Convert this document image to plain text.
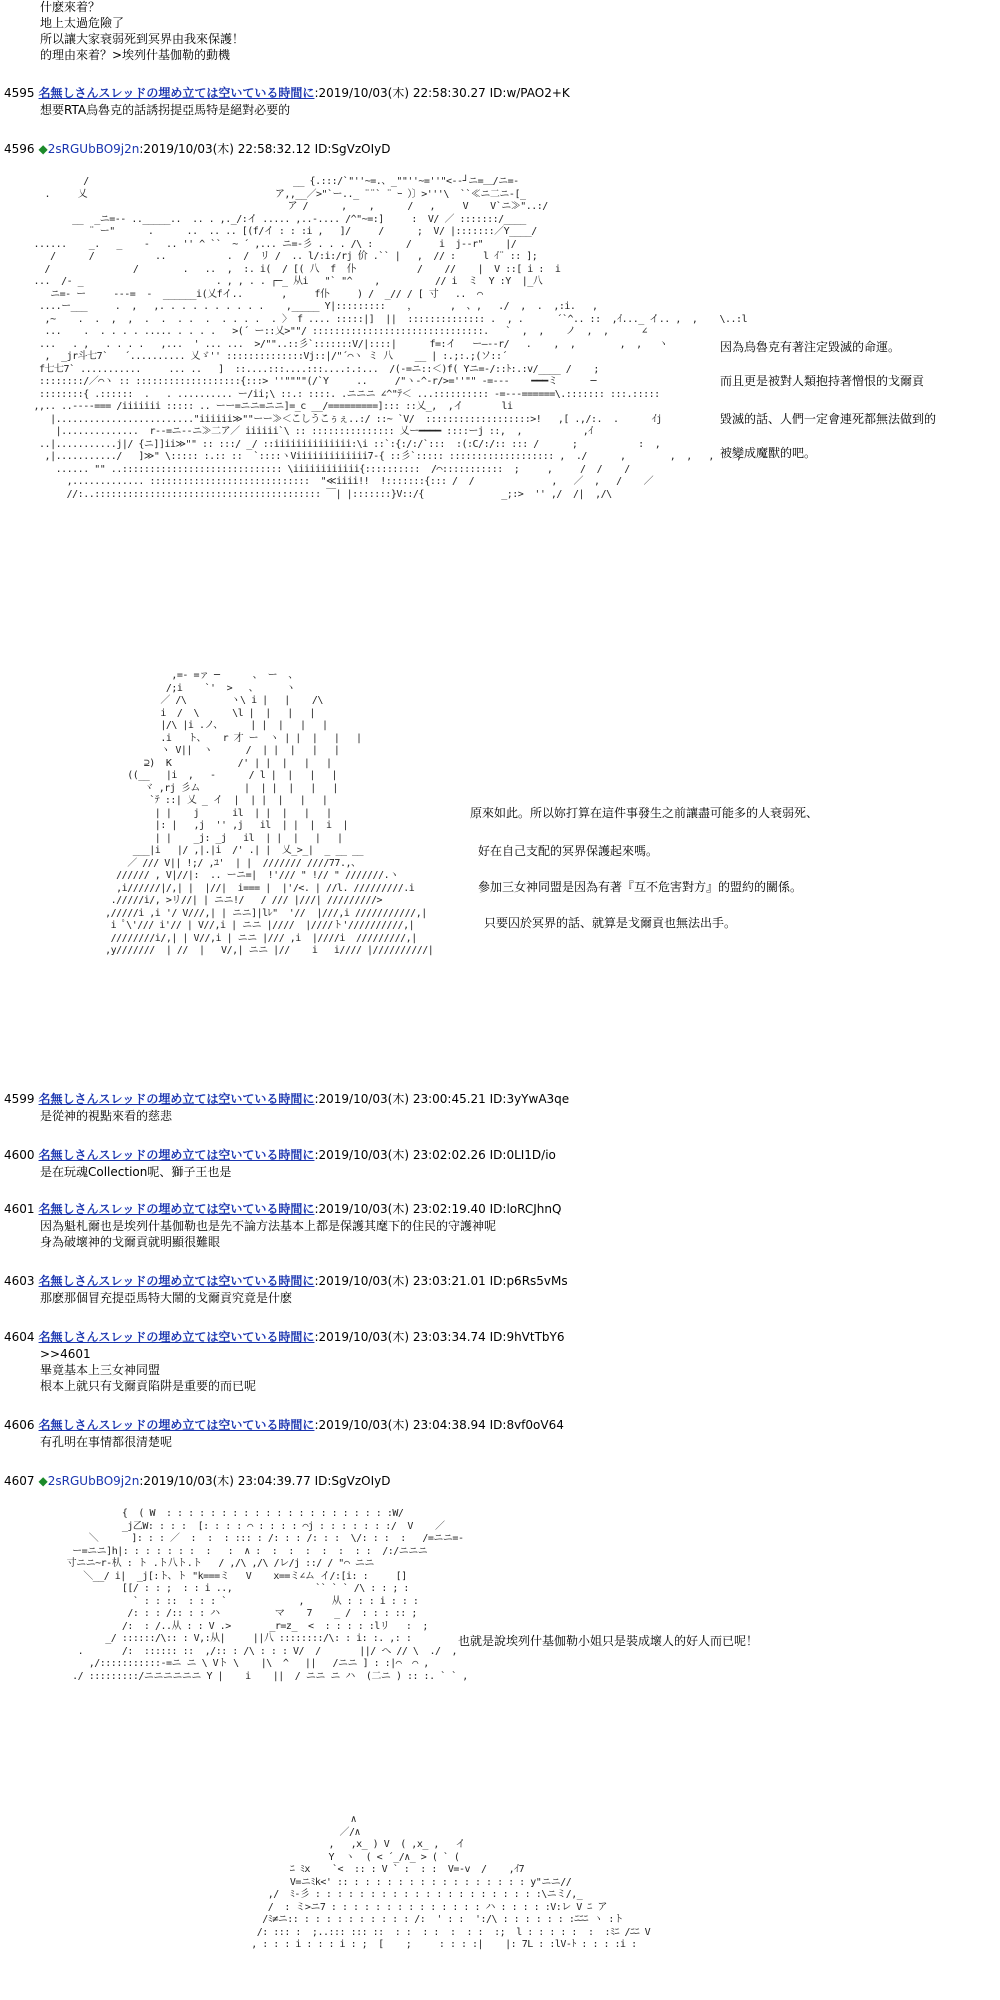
什麽來着？
地上太過危險了
所以讓大家衰弱死到冥界由我來保護！
的理由來着？>埃列什基伽勒的動機
4595 名無しさんスレッドの埋め立ては空いている時間に:2019/10/03(木) 22:58:30.27 ID:w/PAO2+K
想要RTA烏魯克的話誘拐提亞馬特是絕對必要的
4596 ◆2sRGUbBO9j2n:2019/10/03(木) 22:58:32.12 ID:SgVzOIyD
/                                     __ {.:::/`"''~=.、_""''~=''"<-‐┘ニ=＿/ニ=-
.     乂                                  ア,,__／>"`ー.._ ¨¨` ¨ ｰ ）〕>'''\  ``≪ニ二ニ-[_
ア /      ,    ,      /   ,     V    V`ニ≫"..:/
__  _ニ=-‐ .._____..  .. . ,._/:イ ..... ,..-.... /^"~=:]     :  V/ ／ :::::::/____
¨ ー"      .      ..  .. .. [(f/イ : : :i ,   ]/     /      ;  V/ |:::::::／Y____/
......    _.   _    -   .. '' ^ ``  ~ ´ ,... ニ=-彡 . . . /\ :      /     i  j--r"    |/
/      /           ..           .  /  リ /  .. l/:i:/rj 价 .`` |   ,  // :     l ｲ¨ :: ];
/               /        .   ..  ,  :. i(  / [( 八  f  仆           /    //    |  V ::[ i :  i
...  /- _                        . , , . . ┌─_ 从i   "` "^    ,          // i  ミ  Y :Y  |_八
ニ=- ー     ---=  ‐  ______i(乂fイ..       ,     f仆     ) /  _// / [ 寸   ..  ⌒
....ー___     .  ,   ,. . . . . . . . . .    ,_____ Y|:::::::::    ，      ,  、,   ./  ,  .  ,:i.   ,
,~    .  .  ,  ,  .  .  . .  .  . . . .  . 〉 f .... :::::|]  ||  :::::::::::::: .  , .      ´`^.. ::  ,ｲ..._ イ.. ,  ,    \..:l
...    .  . . . . ..... . . . .   >(´ ー::乂>""/ :::::::::::::::::::::::::::::::.   `  ,  ,    ノ  ,  ,      ∠
...   . ,   . . . .   ,...  ' ... ...  >/""..::彡`:::::::V/|::::|      f=:イ   ー―--r/   .    ,  ,        ,  ,   ヽ
,  _jr斗七7`   ´.......... 乂ゞ'' ::::::::::::::Vj::|/"´⌒ヽ ミ 八    __ | :.;:.;(ソ::´
f七七7` ...........     ... ..   ]  ::....:::....:::....:.:...  /(-=ニ::＜)f( Yニ=-/::ﾄ:.:v/____ /    ;
::::::::/／⌒ヽ :: :::::::::::::::::::{:::> ''""""(/`Y     ..     /"ヽ-^-r/>=''"" -=---    ━━━ミ      ─
::::::::{ .::::::  .   . .......... ー/ii;\ ::.: ::::. .ニニニ ∠^"ﾃ＜ ...:::::::::: -=---======\.::::::: :::.:::::
,,.. ..----=== /iiiiiii ::::: .. ーー=ニニ=ニニ]=_c __/=========]::: ::乂_,  ,イ       li
|........................."iiiiii≫""ーー≫＜こしうこぅぇ..:/ ::~ `V/  :::::::::::::::::::>!   ,[ .,/:.  .      ｲj
|..............  r--=ニ--ニ≫二ア／ iiiiii`\ :: ::::::::::::::: 乂ー━━━━ ::::ーj ::,  ,           ,ｲ
..|...........j|/ {ニ]]ii≫"" :: :::/ _/ ::iiiiiiiiiiiiii:\i ::`:{:/:/`:::  :(:C/:/:: ::: /      ;           :  ,
,|.........../   ]≫" \::::: :.:: ::  `::::ヽViiiiiiiiiiiii7-{ ::彡`::::: ::::::::::::::::::: ,  ./      ,        ,  ,   ,    ,
...... "" ..::::::::::::::::::::::::::::: \iiiiiiiiiiii{::::::::::  /⌒:::::::::::  ;     ,     /  /    /
,............. :::::::::::::::::::::::::::::  "≪iiii!!  !:::::::{::: /  /              ,   ／  ,   /    ／
//:..::::::::::::::::::::::::::::::::::::::::: ￣| |:::::::}V::/{              _;:>  '' ,/  /|  ,/\
因為烏魯克有著注定毀滅的命運。
而且更是被對人類抱持著憎恨的戈爾貢
毀滅的話、人們一定會連死都無法做到的
被變成魔獸的吧。
,=- =ァ ─      、 ー  、
/;i    `'  >   、     ヽ
／ /\        ヽ\ i |   |    /\
i  /  \      \l |  |   |   |
|/\ |i .ノ、     | |  |   |   |
.i   ト、   r 才 ー  ヽ | |  |   |   |
ヽ V||  ヽ      /  | |  |   |   |
⊇)  K            /' | |  |   |   |
((__   |i  ,   -      / l |  |   |   |
ヾ ,rj 彡ム        |  | |  |   |   |
`ﾃ ::| 乂 _ イ  |  | |  |   |   |
| |    j      il  | |  |   |   |
|: |   ,j  '' ,j   il  | |  |  i  |
| |    _j: _j   il  | |  |   |   |
___|i   |/ ,|.|i  /' .| |  乂_>_|  _ __ __
／ /// V|| !;/ ,ﾕ'  | |  /////// ////77.,、
////// , V|//|:  .. ーニ=|  !'/// " !// " ///////.ヽ
,i//////|/,| |  |//|  i=== |  |'/<. | //l. /////////.i
./////i/, >リ//| | ニニ!/   / /// |///| /////////>
,/////i ,i '/ V///,| | ニニ]|lﾚ"  '//  |///,i ///////////,|
i ﾟ\'/// i'// | V//,i | ニニ |////  |////ト'//////////,|
////////i/,| | V//,i | ニニ |/// ,i  |////i  /////////,|
,y///////  | //  |   V/,| ニニ |//    i   i//// |//////////|
原來如此。所以妳打算在這件事發生之前讓盡可能多的人衰弱死、
好在自己支配的冥界保護起來嗎。
參加三女神同盟是因為有著『互不危害對方』的盟約的關係。
只要囚於冥界的話、就算是戈爾貢也無法出手。
4599 名無しさんスレッドの埋め立ては空いている時間に:2019/10/03(木) 23:00:45.21 ID:3yYwA3qe
是從神的視點來看的慈悲
4600 名無しさんスレッドの埋め立ては空いている時間に:2019/10/03(木) 23:02:02.26 ID:0LI1D/io
是在玩魂Collection呢、獅子王也是
4601 名無しさんスレッドの埋め立ては空いている時間に:2019/10/03(木) 23:02:19.40 ID:loRCJhnQ
因為魁札爾也是埃列什基伽勒也是先不論方法基本上都是保護其麾下的住民的守護神呢
身為破壞神的戈爾貢就明顯很難眼
4603 名無しさんスレッドの埋め立ては空いている時間に:2019/10/03(木) 23:03:21.01 ID:p6Rs5vMs
那麽那個冒充提亞馬特大鬧的戈爾貢究竟是什麽
4604 名無しさんスレッドの埋め立ては空いている時間に:2019/10/03(木) 23:03:34.74 ID:9hVtTbY6
>>4601
畢竟基本上三女神同盟
根本上就只有戈爾貢陷阱是重要的而已呢
4606 名無しさんスレッドの埋め立ては空いている時間に:2019/10/03(木) 23:04:38.94 ID:8vf0oV64
有孔明在事情都很清楚呢
4607 ◆2sRGUbBO9j2n:2019/10/03(木) 23:04:39.77 ID:SgVzOIyD
{  ( W  : : : : : : : : : : : : : : : : : : : : :W/
_j乙W: : : :  [: : : : ⌒ : : : : ⌒j : : : : : : :/  V    ／
＼      ]: : : ／  :  :  : ::: : /: : : /: : :  \/: : :  :   /=ニニ=-
ー=ニニ]h|: : : : : : :  :   :  ∧ :  :  :  :  :  :  : :  /:/ニニニ
寸ニニ~r-朲 : ト .ト八ト.ト   / ,/\ ,/\ /レ/j ::/ / "⌒ ニニ
＼__/ i|  _j[:ト、ト "k===ミ   V    x==ミ∠ム イ/:[i: :     []
[[/ : : ;  : : i ..,               `` ` ` /\ : : ; :
` : : ::  : : : `             ,     从 : : : i : : :
/: : : /:: : : ハ          マ    7    _ /  : : : :: ;
/:  : /..从 : : V .>       _r=z_  <  : : : : :lリ   :  ;
_/ ::::::/\:: : V,:从|     ||八 ::::::::/\: : i: :. ,: :
.       /:  :::::: ::  ,/:: : /\ : : : V/  /       ||/ へ // \  ./  ,
,/:::::::::::-=ニ ニ \ Vト \    |\  ^   ||   /ニニ ] : :|⌒  ⌒ ,
./ :::::::::/ニニニニニニ Y |    i    ||  / ニニ ニ ハ  (二ニ ) :: :. ` ` ,
也就是說埃列什基伽勒小姐只是裝成壞人的好人而已呢！
∧
／/∧
,   ,x_ ) V  ( ,x_ ,   イ
Y  ヽ  ( < ´_/∧_ > ( ` (
ﾆ ﾐx    `<  :: : V ` :  : :  V=-v  /    ,ｲ7
V=ニﾐk<' :: : : : : : : : : : : : : : : : : y"ニニ//
,/  ﾐ-彡 : : : : : : : : : : : : : : : : : : : : :\ニミ/,_
/  : ミ>ニ7 : : : : : : : : : : : : : : ハ : : : : :V:レ V ﾆ ア
/ﾐ≠ニ:: : : : : : : : : : : /:  ' : :  ':/\ : : : : : : :ﾆﾆﾆ ヽ :ト
/: ::: :  ;..::: ::: ::  : :  : :  :  : :  :;  l : : : : :  :  :ﾐﾆ /ﾆﾆ V
, : : : i : : : i : ;  [    ;     : : : :|    |: 7L : :lV-ﾄ : : : :i :
